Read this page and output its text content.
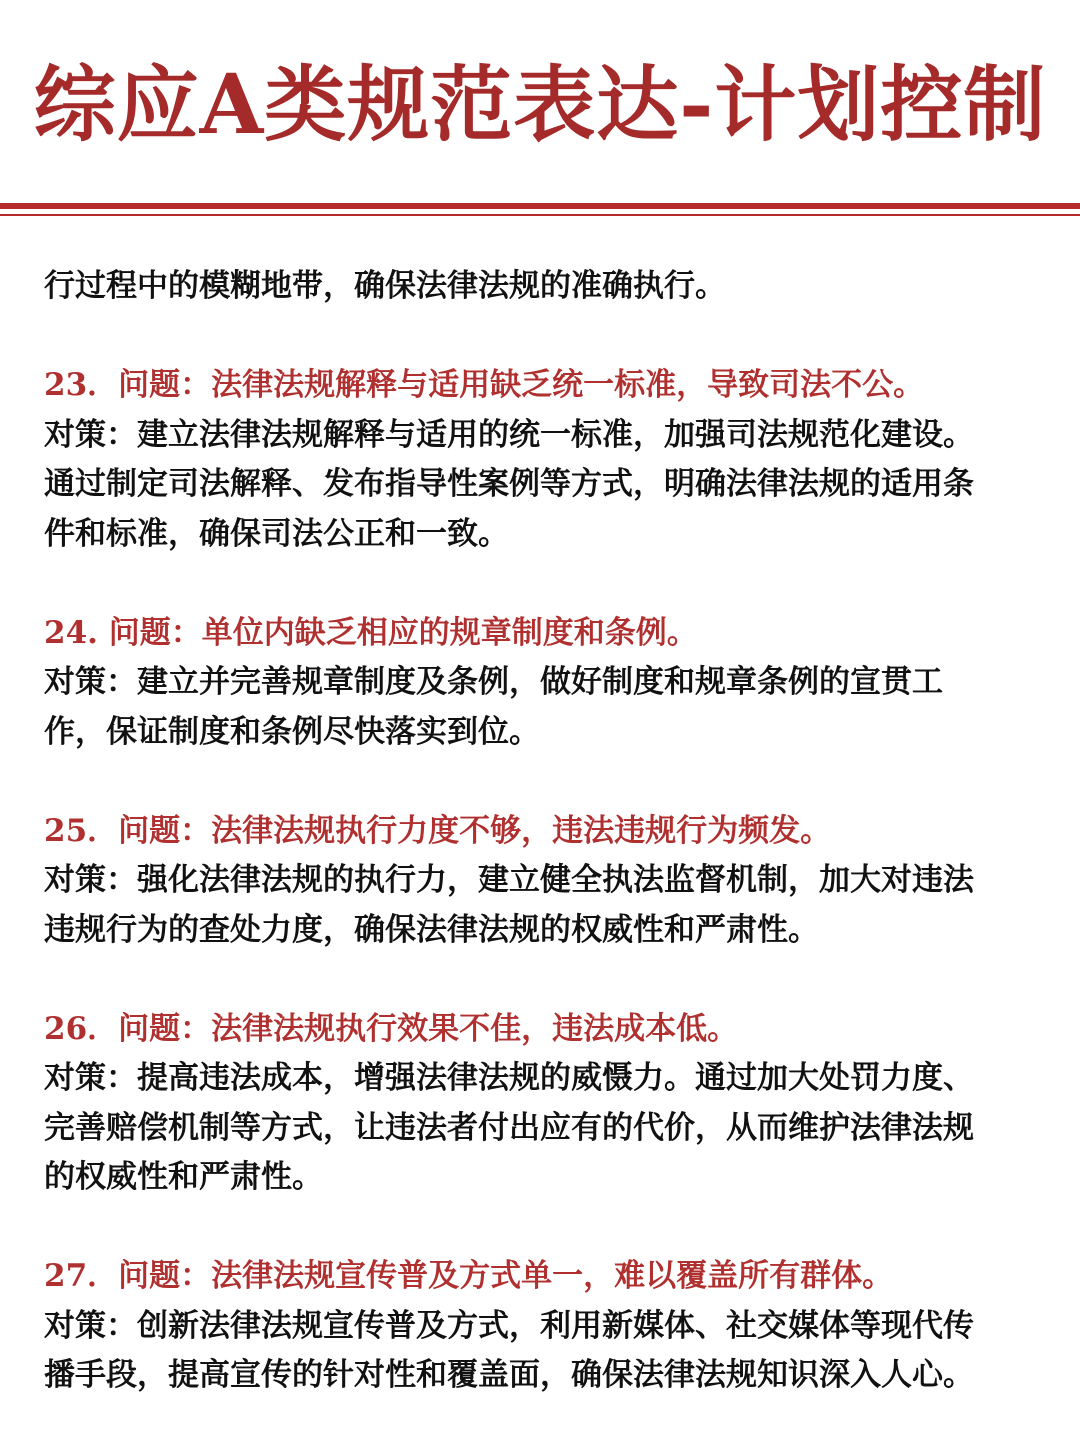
综应A类规范表达-计划控制
行过程中的模糊地带，确保法律法规的准确执行。
23．问题：法律法规解释与适用缺乏统一标准，导致司法不公。
对策：建立法律法规解释与适用的统一标准，加强司法规范化建设。
通过制定司法解释、发布指导性案例等方式，明确法律法规的适用条
件和标准，确保司法公正和一致。
24. 问题：单位内缺乏相应的规章制度和条例。
对策：建立并完善规章制度及条例，做好制度和规章条例的宣贯工
作，保证制度和条例尽快落实到位。
25．问题：法律法规执行力度不够，违法违规行为频发。
对策：强化法律法规的执行力，建立健全执法监督机制，加大对违法
违规行为的查处力度，确保法律法规的权威性和严肃性。
26．问题：法律法规执行效果不佳，违法成本低。
对策：提高违法成本，增强法律法规的威慑力。通过加大处罚力度、
完善赔偿机制等方式，让违法者付出应有的代价，从而维护法律法规
的权威性和严肃性。
27．问题：法律法规宣传普及方式单一，难以覆盖所有群体。
对策：创新法律法规宣传普及方式，利用新媒体、社交媒体等现代传
播手段，提高宣传的针对性和覆盖面，确保法律法规知识深入人心。
